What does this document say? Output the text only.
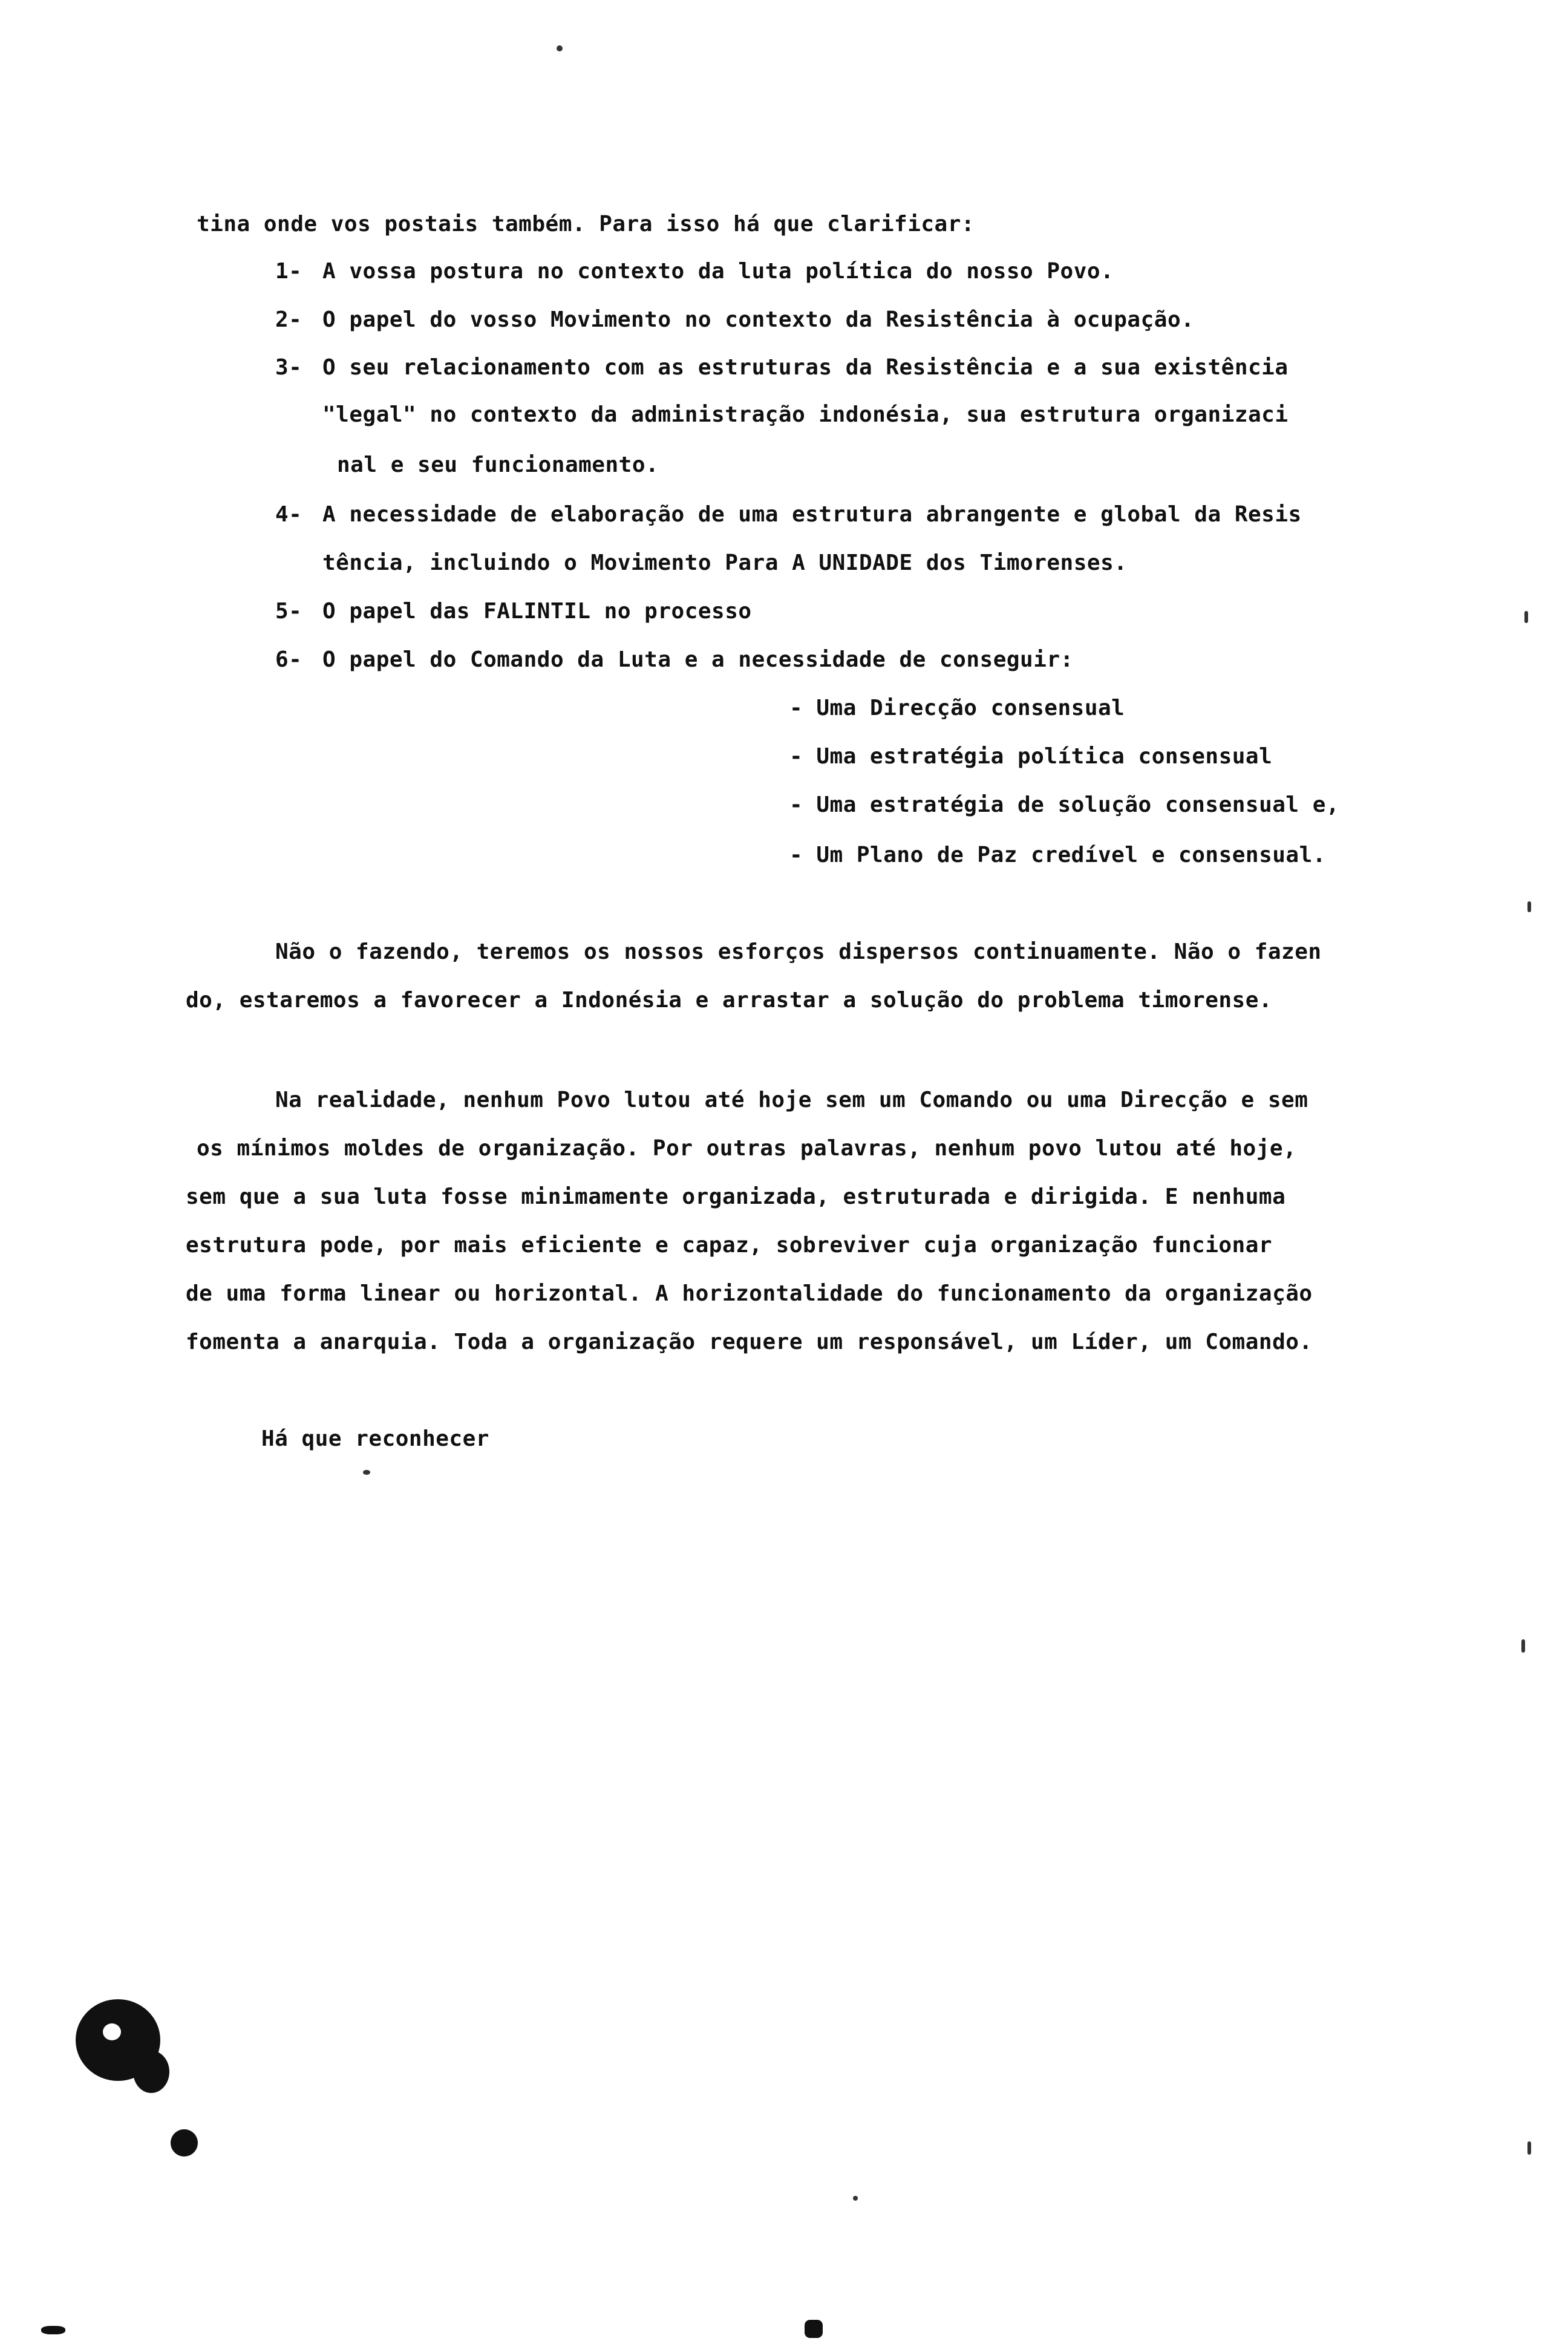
tina onde vos postais também. Para isso há que clarificar:
1- A vossa postura no contexto da luta política do nosso Povo.
2- O papel do vosso Movimento no contexto da Resistência à ocupação.
3- O seu relacionamento com as estruturas da Resistência e a sua existência
"legal" no contexto da administração indonésia, sua estrutura organizaci
nal e seu funcionamento.
4- A necessidade de elaboração de uma estrutura abrangente e global da Resis
tência, incluindo o Movimento Para A UNIDADE dos Timorenses.
5- O papel das FALINTIL no processo
6- O papel do Comando da Luta e a necessidade de conseguir:
- Uma Direcção consensual
- Uma estratégia política consensual
- Uma estratégia de solução consensual e,
- Um Plano de Paz credível e consensual.
Não o fazendo, teremos os nossos esforços dispersos continuamente. Não o fazen
do, estaremos a favorecer a Indonésia e arrastar a solução do problema timorense.
Na realidade, nenhum Povo lutou até hoje sem um Comando ou uma Direcção e sem
os mínimos moldes de organização. Por outras palavras, nenhum povo lutou até hoje,
sem que a sua luta fosse minimamente organizada, estruturada e dirigida. E nenhuma
estrutura pode, por mais eficiente e capaz, sobreviver cuja organização funcionar
de uma forma linear ou horizontal. A horizontalidade do funcionamento da organização
fomenta a anarquia. Toda a organização requere um responsável, um Líder, um Comando.
Há que reconhecer
